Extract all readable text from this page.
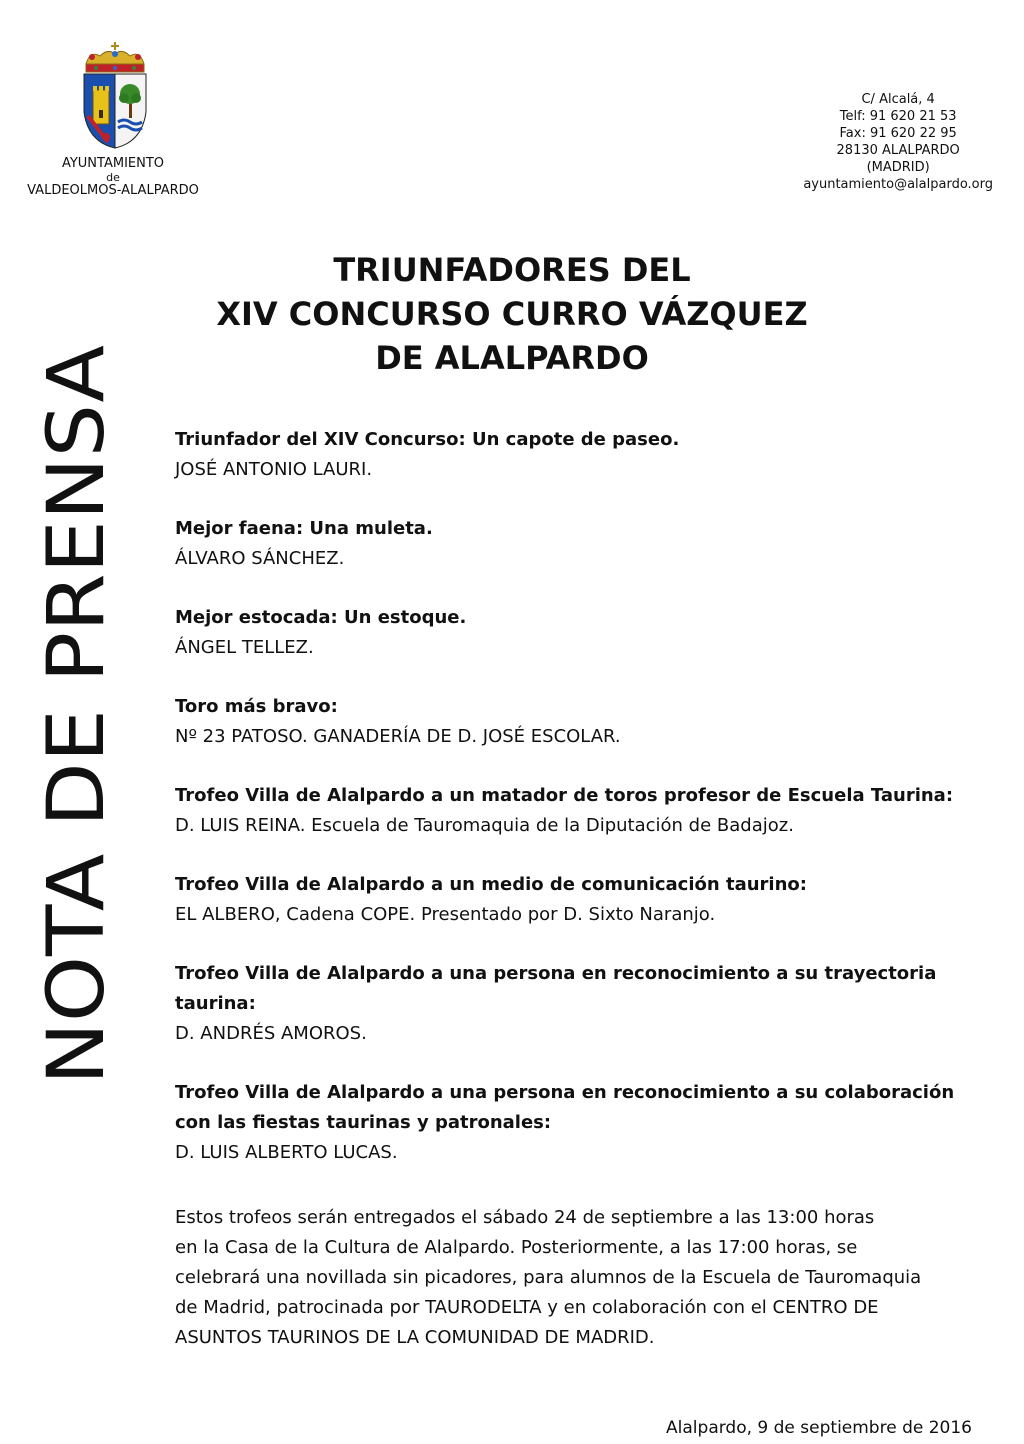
AYUNTAMIENTO
de
VALDEOLMOS-ALALPARDO
C/ Alcalá, 4
Telf: 91 620 21 53
Fax: 91 620 22 95
28130 ALALPARDO
(MADRID)
ayuntamiento@alalpardo.org
NOTA DE PRENSA
TRIUNFADORES DEL
XIV CONCURSO CURRO VÁZQUEZ
DE ALALPARDO
Triunfador del XIV Concurso: Un capote de paseo.
JOSÉ ANTONIO LAURI.
Mejor faena: Una muleta.
ÁLVARO SÁNCHEZ.
Mejor estocada: Un estoque.
ÁNGEL TELLEZ.
Toro más bravo:
Nº 23 PATOSO. GANADERÍA DE D. JOSÉ ESCOLAR.
Trofeo Villa de Alalpardo a un matador de toros profesor de Escuela Taurina:
D. LUIS REINA. Escuela de Tauromaquia de la Diputación de Badajoz.
Trofeo Villa de Alalpardo a un medio de comunicación taurino:
EL ALBERO, Cadena COPE. Presentado por D. Sixto Naranjo.
Trofeo Villa de Alalpardo a una persona en reconocimiento a su trayectoria taurina:
D. ANDRÉS AMOROS.
Trofeo Villa de Alalpardo a una persona en reconocimiento a su colaboración con las fiestas taurinas y patronales:
D. LUIS ALBERTO LUCAS.
Estos trofeos serán entregados el sábado 24 de septiembre a las 13:00 horas
en la Casa de la Cultura de Alalpardo. Posteriormente, a las 17:00 horas, se
celebrará una novillada sin picadores, para alumnos de la Escuela de Tauromaquia
de Madrid, patrocinada por TAURODELTA y en colaboración con el CENTRO DE
ASUNTOS TAURINOS DE LA COMUNIDAD DE MADRID.
Alalpardo, 9 de septiembre de 2016
